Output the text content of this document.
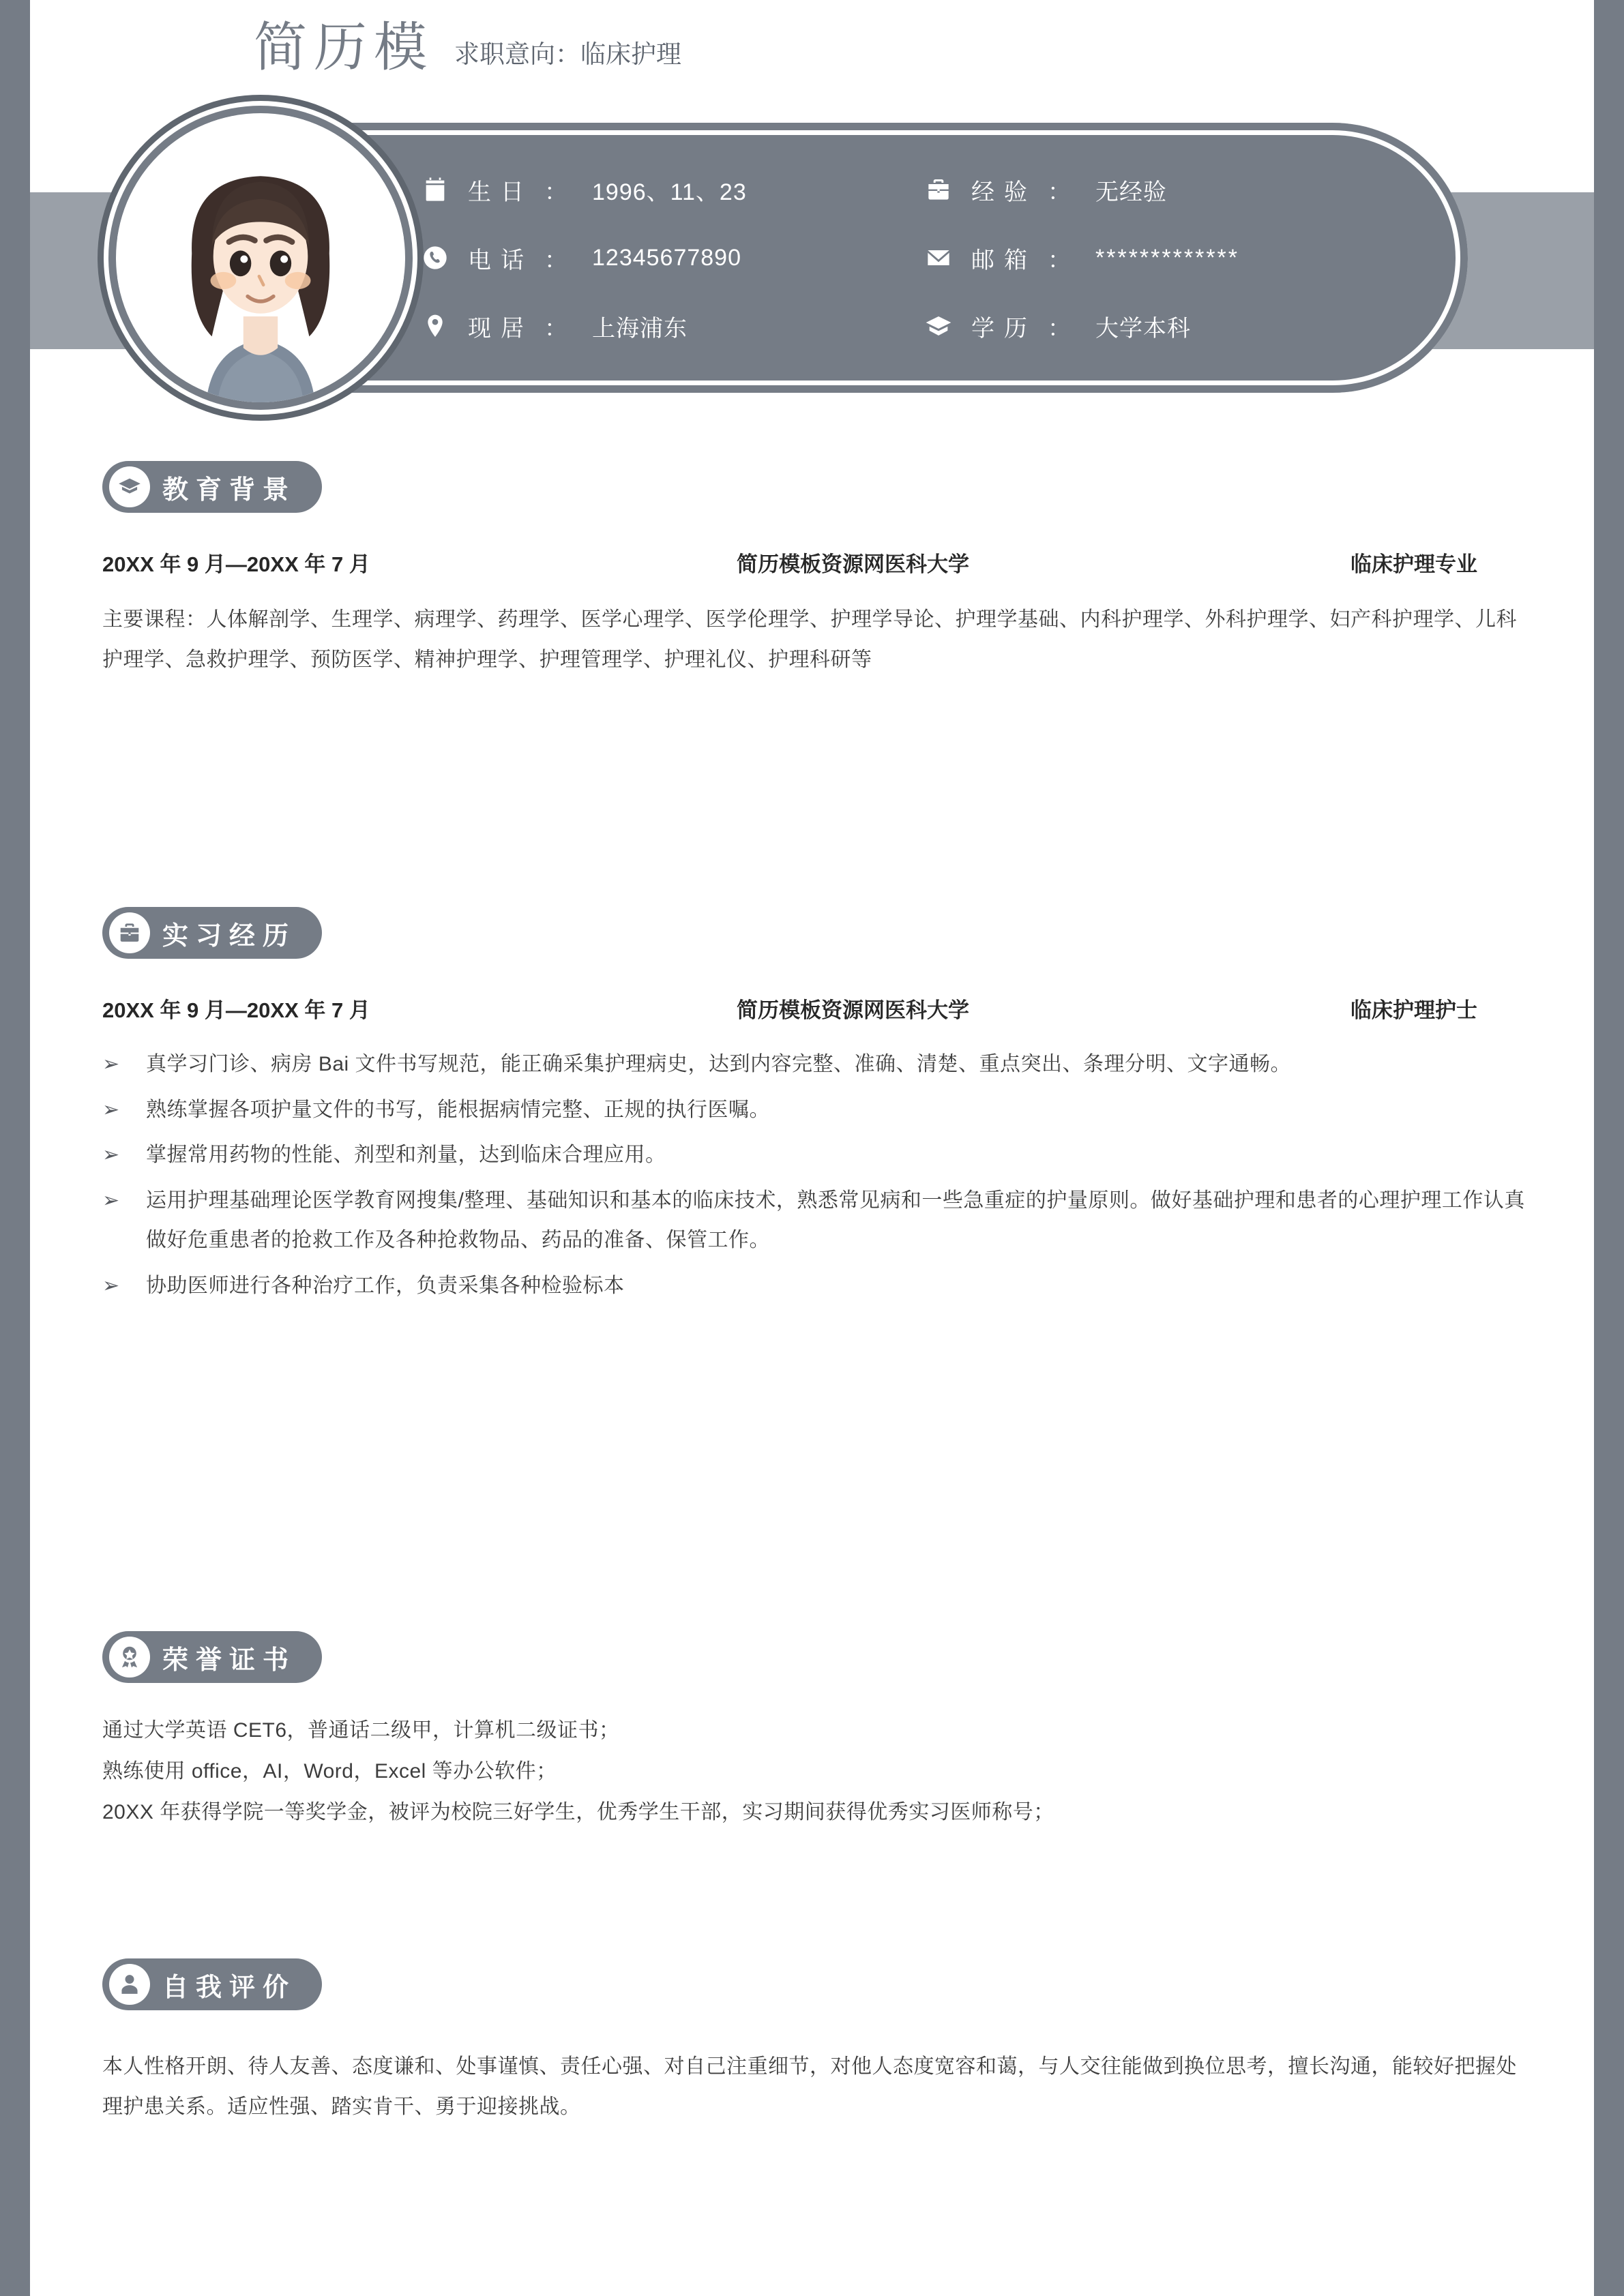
简历模 求职意向：临床护理
生日 ： 1996、11、23	经验 ： 无经验
电话 ： 12345677890	邮箱 ： *************
现居 ： 上海浦东	学历 ： 大学本科
教育背景
20XX 年 9 月—20XX 年 7 月	简历模板资源网医科大学	临床护理专业
主要课程：人体解剖学、生理学、病理学、药理学、医学心理学、医学伦理学、护理学导论、护理学基础、内科护理学、外科护理学、妇产科护理学、儿科护理学、急救护理学、预防医学、精神护理学、护理管理学、护理礼仪、护理科研等
实习经历
20XX 年 9 月—20XX 年 7 月	简历模板资源网医科大学	临床护理护士
➢ 真学习门诊、病房 Bai 文件书写规范，能正确采集护理病史，达到内容完整、准确、清楚、重点突出、条理分明、文字通畅。
➢ 熟练掌握各项护量文件的书写，能根据病情完整、正规的执行医嘱。
➢ 掌握常用药物的性能、剂型和剂量，达到临床合理应用。
➢ 运用护理基础理论医学教育网搜集/整理、基础知识和基本的临床技术，熟悉常见病和一些急重症的护量原则。做好基础护理和患者的心理护理工作认真做好危重患者的抢救工作及各种抢救物品、药品的准备、保管工作。
➢ 协助医师进行各种治疗工作，负责采集各种检验标本
荣誉证书
通过大学英语 CET6，普通话二级甲，计算机二级证书；
熟练使用 office，AI，Word，Excel 等办公软件；
20XX 年获得学院一等奖学金，被评为校院三好学生，优秀学生干部，实习期间获得优秀实习医师称号；
自我评价
本人性格开朗、待人友善、态度谦和、处事谨慎、责任心强、对自己注重细节，对他人态度宽容和蔼，与人交往能做到换位思考，擅长沟通，能较好把握处理护患关系。适应性强、踏实肯干、勇于迎接挑战。
